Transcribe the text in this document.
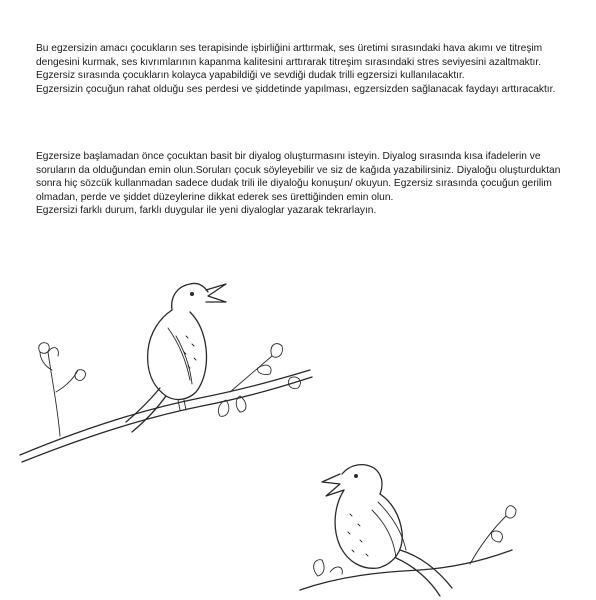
Bu egzersizin amacı çocukların ses terapisinde işbirliğini arttırmak, ses üretimi sırasındaki hava akımı ve titreşim dengesini kurmak, ses kıvrımlarının kapanma kalitesini arttırarak titreşim sırasındaki stres seviyesini azaltmaktır.

Egzersiz sırasında çocukların kolayca yapabildiği ve sevdiği dudak trilli egzersizi kullanılacaktır.

Egzersizin çocuğun rahat olduğu ses perdesi ve şiddetinde yapılması, egzersizden sağlanacak faydayı arttıracaktır.

Egzersize başlamadan önce çocuktan basit bir diyalog oluşturmasını isteyin. Diyalog sırasında kısa ifadelerin ve soruların da olduğundan emin olun.Soruları çocuk söyleyebilir ve siz de kağıda yazabilirsiniz. Diyaloğu oluşturduktan sonra hiç sözcük kullanmadan sadece dudak trili ile diyaloğu konuşun/ okuyun. Egzersiz sırasında çocuğun gerilim olmadan, perde ve şiddet düzeylerine dikkat ederek ses ürettiğinden emin olun.

Egzersizi farklı durum, farklı duygular ile yeni diyaloglar yazarak tekrarlayın.
